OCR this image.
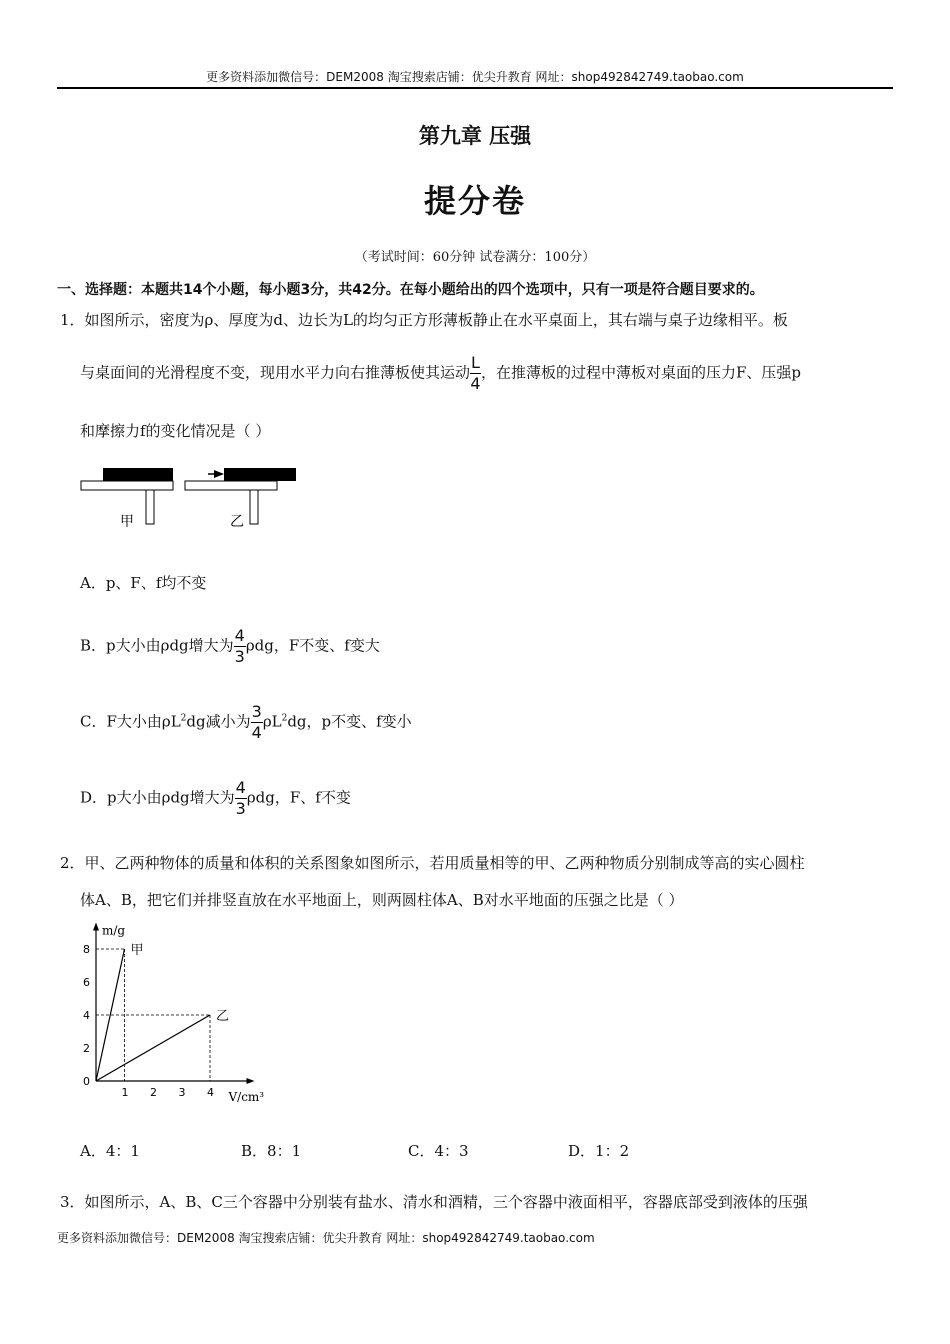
更多资料添加微信号：DEM2008 淘宝搜索店铺：优尖升教育 网址：shop492842749.taobao.com
第九章 压强
提分卷
（考试时间：60分钟 试卷满分：100分）
一、选择题：本题共14个小题，每小题3分，共42分。在每小题给出的四个选项中，只有一项是符合题目要求的。
1．如图所示，密度为ρ、厚度为d、边长为L的均匀正方形薄板静止在水平桌面上，其右端与桌子边缘相平。板
与桌面间的光滑程度不变，现用水平力向右推薄板使其运动 $\frac{L}{4}$ ，在推薄板的过程中薄板对桌面的压力F、压强p
和摩擦力f的变化情况是（ ）
甲	乙
A．p、F、f均不变
B．p大小由ρdg增大为 $\frac{4}{3}$ ρdg，F不变、f变大
C．F大小由$\rho L^2dg$减小为 $\frac{3}{4} \rho L^2dg$，p不变、f变小
D．p大小由ρdg增大为 $\frac{4}{3}$ ρdg，F、f不变
2．甲、乙两种物体的质量和体积的关系图象如图所示，若用质量相等的甲、乙两种物质分别制成等高的实心圆柱
体A、B，把它们并排竖直放在水平地面上，则两圆柱体A、B对水平地面的压强之比是（ ）
m/g
V/cm³
1 2 3 4
0
2
4
6
8	甲
乙
A．4：1	B．8：1	C．4：3	D．1：2
3．如图所示，A、B、C三个容器中分别装有盐水、清水和酒精，三个容器中液面相平，容器底部受到液体的压强
更多资料添加微信号：DEM2008 淘宝搜索店铺：优尖升教育 网址：shop492842749.taobao.com
